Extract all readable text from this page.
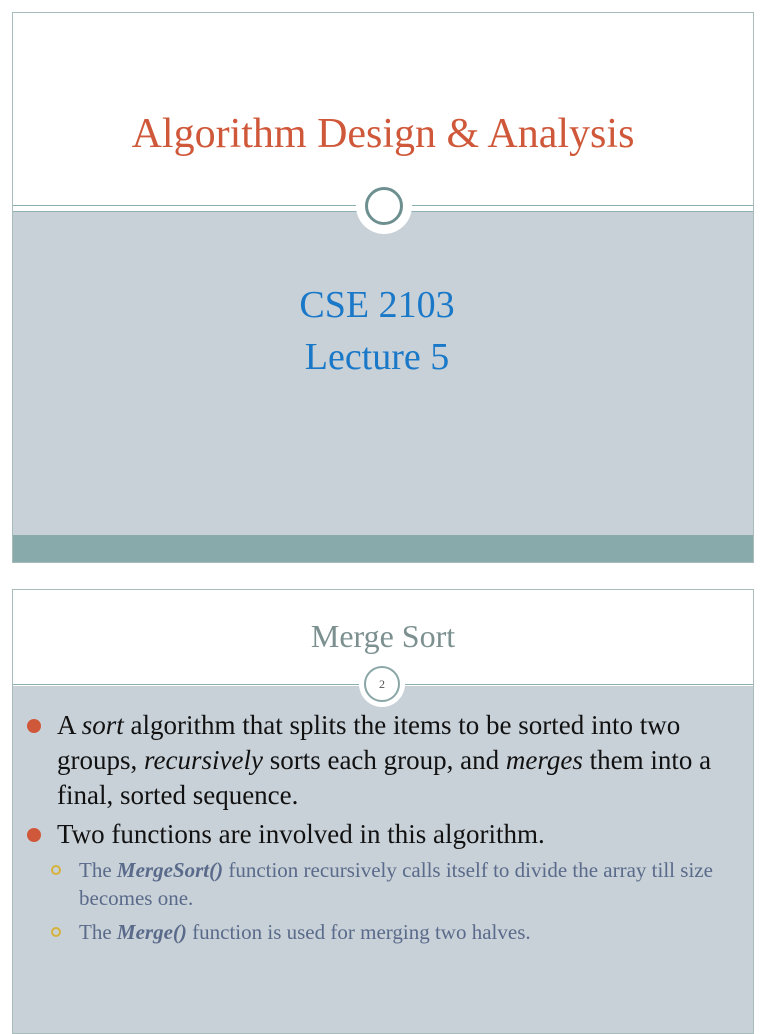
Algorithm Design & Analysis
CSE 2103
Lecture 5
Merge Sort
2
A sort algorithm that splits the items to be sorted into two groups, recursively sorts each group, and merges them into a final, sorted sequence.
Two functions are involved in this algorithm.
The MergeSort() function recursively calls itself to divide the array till size becomes one.
The Merge() function is used for merging two halves.
